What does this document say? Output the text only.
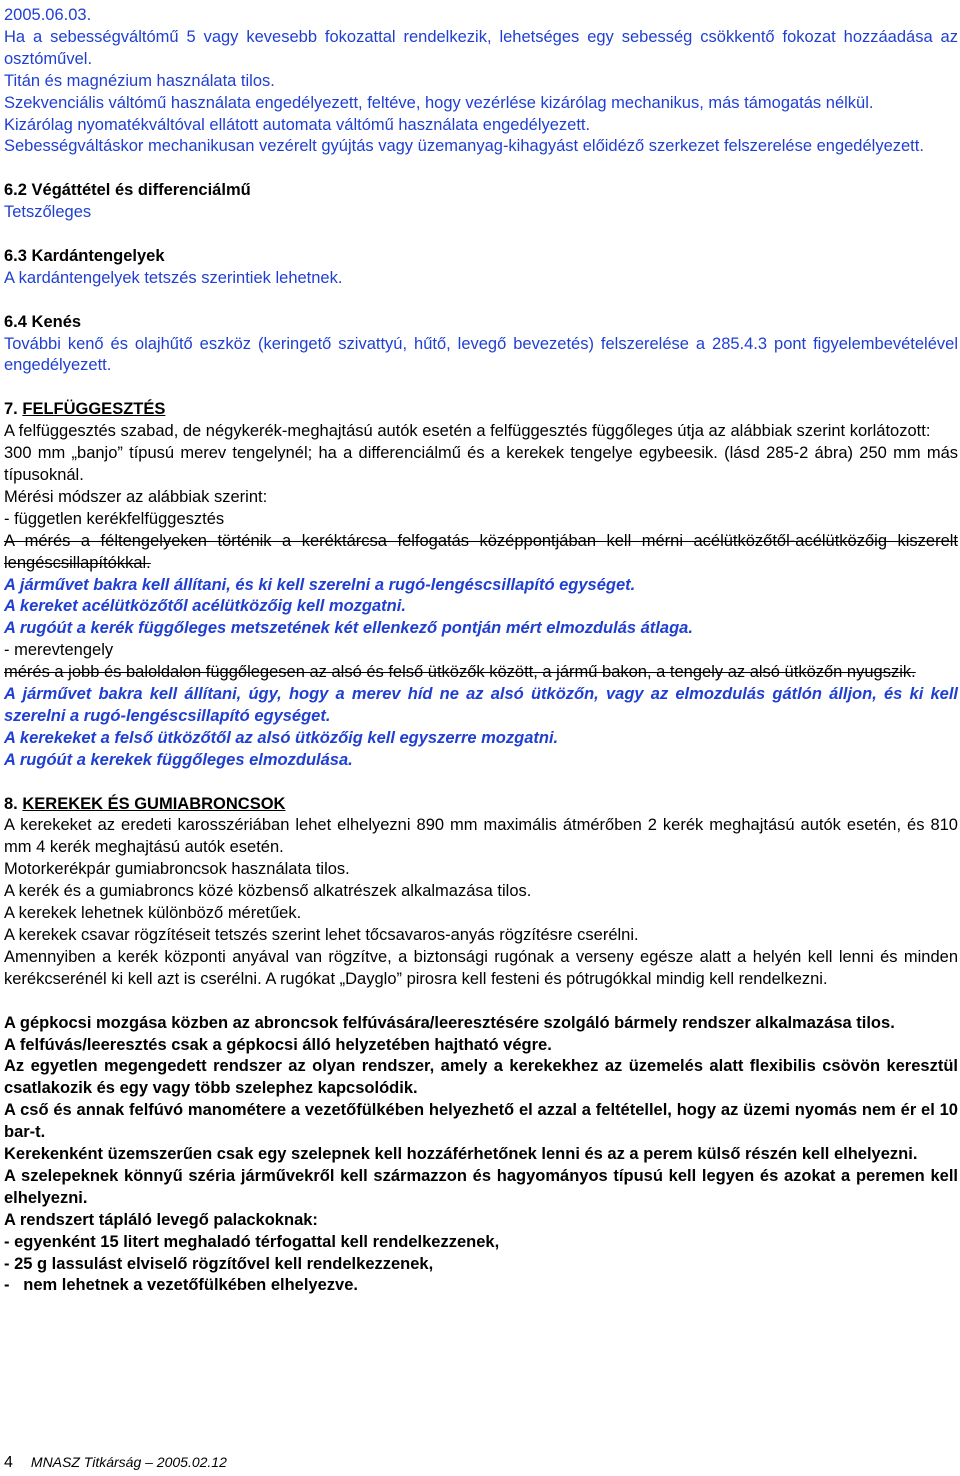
2005.06.03.

Ha a sebességváltómű 5 vagy kevesebb fokozattal rendelkezik, lehetséges egy sebesség csökkentő fokozat hozzáadása az osztóművel.

Titán és magnézium használata tilos.

Szekvenciális váltómű használata engedélyezett, feltéve, hogy vezérlése kizárólag mechanikus, más támogatás nélkül.

Kizárólag nyomatékváltóval ellátott automata váltómű használata engedélyezett.

Sebességváltáskor mechanikusan vezérelt gyújtás vagy üzemanyag-kihagyást előidéző szerkezet felszerelése engedélyezett.

6.2 Végáttétel és differenciálmű

Tetszőleges

6.3 Kardántengelyek

A kardántengelyek tetszés szerintiek lehetnek.

6.4 Kenés

További kenő és olajhűtő eszköz (keringető szivattyú, hűtő, levegő bevezetés) felszerelése a 285.4.3 pont figyelembevételével engedélyezett.

7. FELFÜGGESZTÉS

A felfüggesztés szabad, de négykerék-meghajtású autók esetén a felfüggesztés függőleges útja az alábbiak szerint korlátozott:

300 mm „banjo” típusú merev tengelynél; ha a differenciálmű és a kerekek tengelye egybeesik. (lásd 285-2 ábra) 250 mm más típusoknál.

Mérési módszer az alábbiak szerint:

- független kerékfelfüggesztés

A mérés a féltengelyeken történik a keréktárcsa felfogatás középpontjában kell mérni acélütközőtől-acélütközőig kiszerelt lengéscsillapítókkal.

A járművet bakra kell állítani, és ki kell szerelni a rugó-lengéscsillapító egységet.

A kereket acélütközőtől acélütközőig kell mozgatni.

A rugóút a kerék függőleges metszetének két ellenkező pontján mért elmozdulás átlaga.

- merevtengely

mérés a jobb és baloldalon függőlegesen az alsó és felső ütközők között, a jármű bakon, a tengely az alsó ütközőn nyugszik.

A járművet bakra kell állítani, úgy, hogy a merev híd ne az alsó ütközőn, vagy az elmozdulás gátlón álljon, és ki kell szerelni a rugó-lengéscsillapító egységet.

A kerekeket a felső ütközőtől az alsó ütközőig kell egyszerre mozgatni.

A rugóút a kerekek függőleges elmozdulása.

8. KEREKEK ÉS GUMIABRONCSOK

A kerekeket az eredeti karosszériában lehet elhelyezni 890 mm maximális átmérőben 2 kerék meghajtású autók esetén, és 810 mm 4 kerék meghajtású autók esetén.

Motorkerékpár gumiabroncsok használata tilos.

A kerék és a gumiabroncs közé közbenső alkatrészek alkalmazása tilos.

A kerekek lehetnek különböző méretűek.

A kerekek csavar rögzítéseit tetszés szerint lehet tőcsavaros-anyás rögzítésre cserélni.

Amennyiben a kerék központi anyával van rögzítve, a biztonsági rugónak a verseny egésze alatt a helyén kell lenni és minden kerékcserénél ki kell azt is cserélni. A rugókat „Dayglo” pirosra kell festeni és pótrugókkal mindig kell rendelkezni.

A gépkocsi mozgása közben az abroncsok felfúvására/leeresztésére szolgáló bármely rendszer alkalmazása tilos.

A felfúvás/leeresztés csak a gépkocsi álló helyzetében hajtható végre.

Az egyetlen megengedett rendszer az olyan rendszer, amely a kerekekhez az üzemelés alatt flexibilis csövön keresztül csatlakozik és egy vagy több szelephez kapcsolódik.

A cső és annak felfúvó manométere a vezetőfülkében helyezhető el azzal a feltétellel, hogy az üzemi nyomás nem ér el 10 bar-t.

Kerekenként üzemszerűen csak egy szelepnek kell hozzáférhetőnek lenni és az a perem külső részén kell elhelyezni.

A szelepeknek könnyű széria járművekről kell származzon és hagyományos típusú kell legyen és azokat a peremen kell elhelyezni.

A rendszert tápláló levegő palackoknak:

- egyenként 15 litert meghaladó térfogattal kell rendelkezzenek,

- 25 g lassulást elviselő rögzítővel kell rendelkezzenek,

-   nem lehetnek a vezetőfülkében elhelyezve.

4 MNASZ Titkárság – 2005.02.12
